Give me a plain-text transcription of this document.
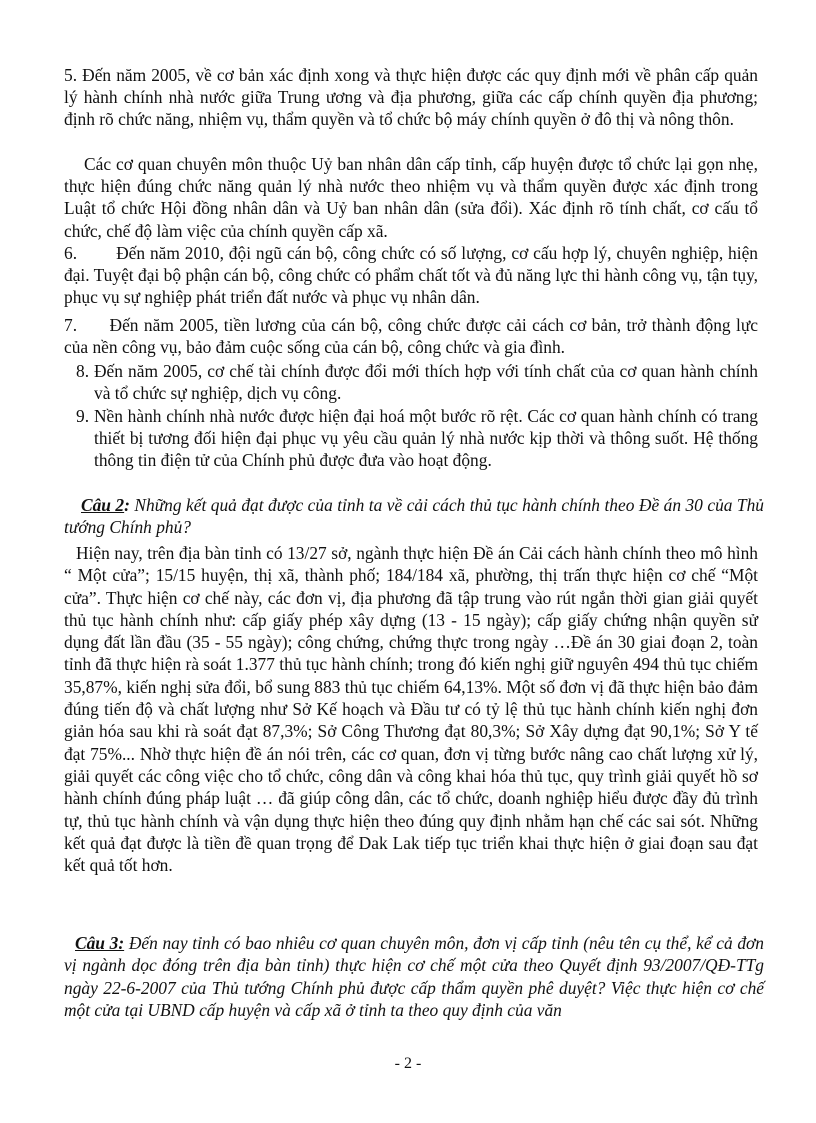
5. Đến năm 2005, về cơ bản xác định xong và thực hiện được các quy định mới về phân cấp quản lý hành chính nhà nước giữa Trung ương và địa phương, giữa các cấp chính quyền địa phương; định rõ chức năng, nhiệm vụ, thẩm quyền và tổ chức bộ máy chính quyền ở đô thị và nông thôn.
Các cơ quan chuyên môn thuộc Uỷ ban nhân dân cấp tỉnh, cấp huyện được tổ chức lại gọn nhẹ, thực hiện đúng chức năng quản lý nhà nước theo nhiệm vụ và thẩm quyền được xác định trong Luật tổ chức Hội đồng nhân dân và Uỷ ban nhân dân (sửa đổi). Xác định rõ tính chất, cơ cấu tổ chức, chế độ làm việc của chính quyền cấp xã.
6. Đến năm 2010, đội ngũ cán bộ, công chức có số lượng, cơ cấu hợp lý, chuyên nghiệp, hiện đại. Tuyệt đại bộ phận cán bộ, công chức có phẩm chất tốt và đủ năng lực thi hành công vụ, tận tụy, phục vụ sự nghiệp phát triển đất nước và phục vụ nhân dân.
7. Đến năm 2005, tiền lương của cán bộ, công chức được cải cách cơ bản, trở thành động lực của nền công vụ, bảo đảm cuộc sống của cán bộ, công chức và gia đình.
8. Đến năm 2005, cơ chế tài chính được đổi mới thích hợp với tính chất của cơ quan hành chính và tổ chức sự nghiệp, dịch vụ công.
9. Nền hành chính nhà nước được hiện đại hoá một bước rõ rệt. Các cơ quan hành chính có trang thiết bị tương đối hiện đại phục vụ yêu cầu quản lý nhà nước kịp thời và thông suốt. Hệ thống thông tin điện tử của Chính phủ được đưa vào hoạt động.
Câu 2: Những kết quả đạt được của tỉnh ta về cải cách thủ tục hành chính theo Đề án 30 của Thủ tướng Chính phủ?
Hiện nay, trên địa bàn tỉnh có 13/27 sở, ngành thực hiện Đề án Cải cách hành chính theo mô hình “ Một cửa”; 15/15 huyện, thị xã, thành phố; 184/184 xã, phường, thị trấn thực hiện cơ chế “Một cửa”. Thực hiện cơ chế này, các đơn vị, địa phương đã tập trung vào rút ngắn thời gian giải quyết thủ tục hành chính như: cấp giấy phép xây dựng (13 - 15 ngày); cấp giấy chứng nhận quyền sử dụng đất lần đầu (35 - 55 ngày); công chứng, chứng thực trong ngày …Đề án 30 giai đoạn 2, toàn tỉnh đã thực hiện rà soát 1.377 thủ tục hành chính; trong đó kiến nghị giữ nguyên 494 thủ tục chiếm 35,87%, kiến nghị sửa đổi, bổ sung 883 thủ tục chiếm 64,13%. Một số đơn vị đã thực hiện bảo đảm đúng tiến độ và chất lượng như Sở Kế hoạch và Đầu tư có tỷ lệ thủ tục hành chính kiến nghị đơn giản hóa sau khi rà soát đạt 87,3%; Sở Công Thương đạt 80,3%; Sở Xây dựng đạt 90,1%; Sở Y tế đạt 75%... Nhờ thực hiện đề án nói trên, các cơ quan, đơn vị từng bước nâng cao chất lượng xử lý, giải quyết các công việc cho tổ chức, công dân và công khai hóa thủ tục, quy trình giải quyết hồ sơ hành chính đúng pháp luật … đã giúp công dân, các tổ chức, doanh nghiệp hiểu được đầy đủ trình tự, thủ tục hành chính và vận dụng thực hiện theo đúng quy định nhằm hạn chế các sai sót. Những kết quả đạt được là tiền đề quan trọng để Dak Lak tiếp tục triển khai thực hiện ở giai đoạn sau đạt kết quả tốt hơn.
Câu 3: Đến nay tỉnh có bao nhiêu cơ quan chuyên môn, đơn vị cấp tỉnh (nêu tên cụ thể, kể cả đơn vị ngành dọc đóng trên địa bàn tỉnh) thực hiện cơ chế một cửa theo Quyết định 93/2007/QĐ-TTg ngày 22-6-2007 của Thủ tướng Chính phủ được cấp thẩm quyền phê duyệt? Việc thực hiện cơ chế một cửa tại UBND cấp huyện và cấp xã ở tỉnh ta theo quy định của văn
- 2 -
